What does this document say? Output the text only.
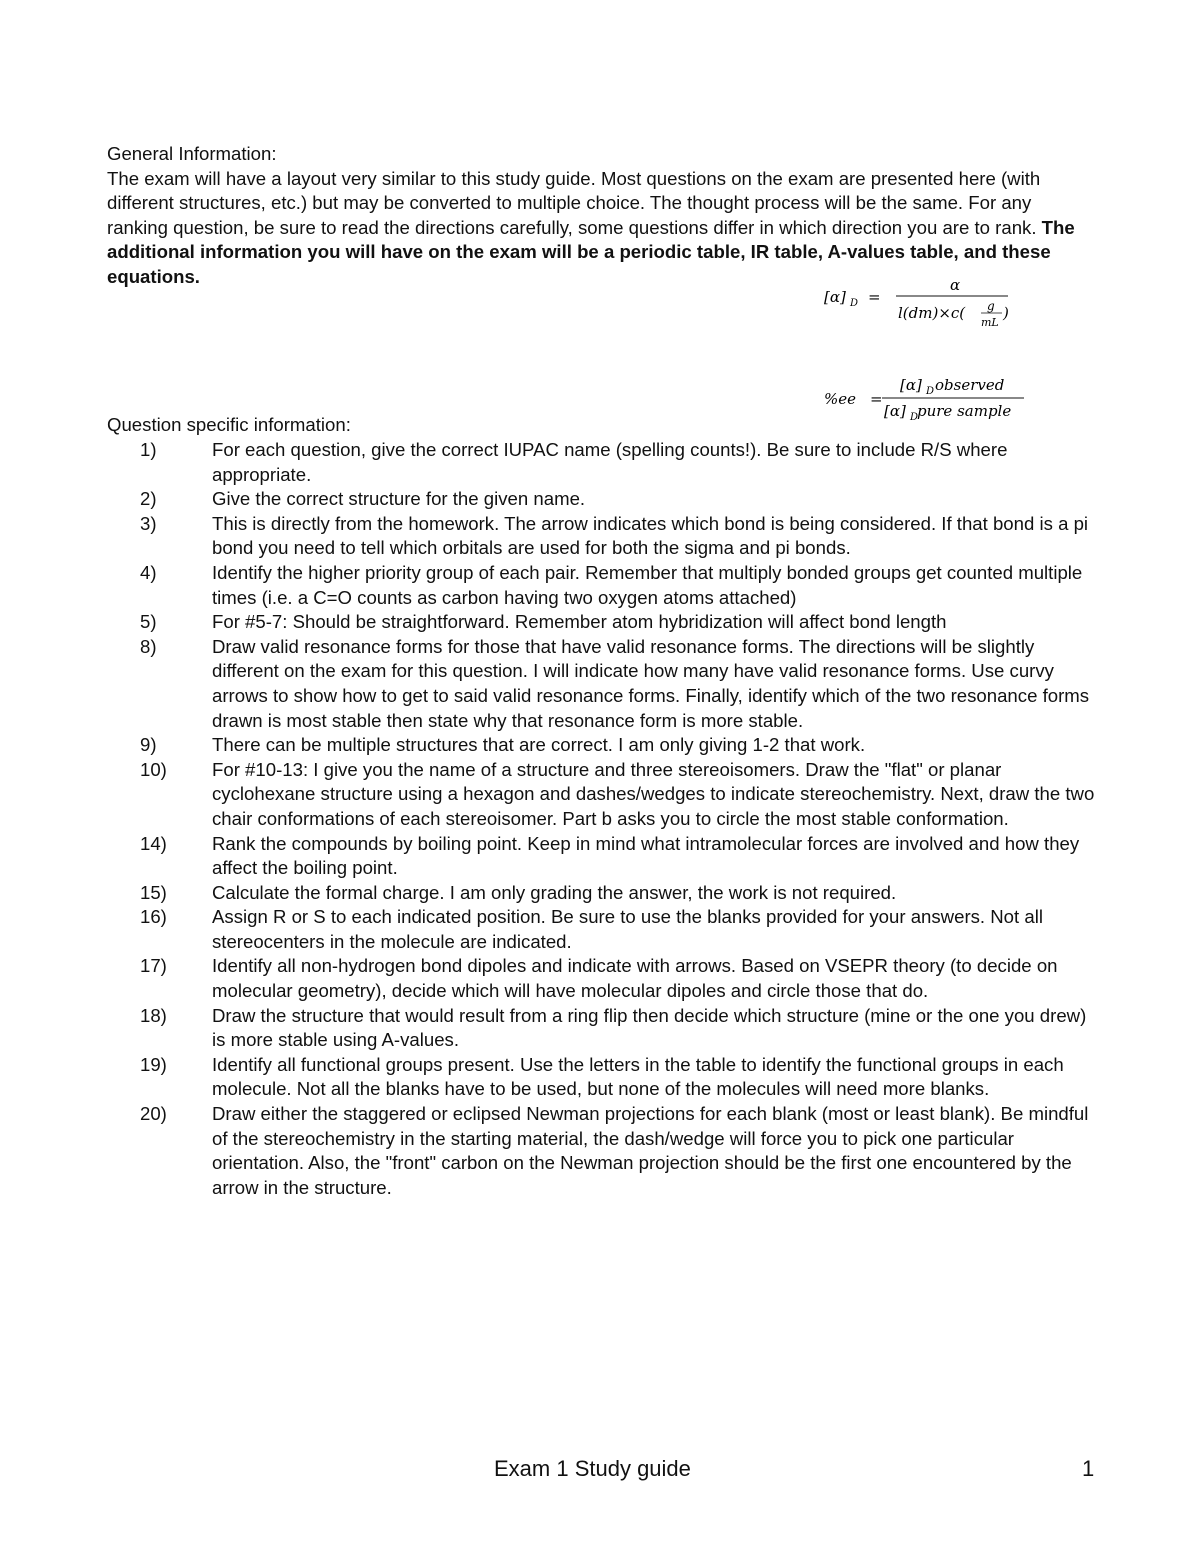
General Information:

The exam will have a layout very similar to this study guide. Most questions on the exam are presented here (with different structures, etc.) but may be converted to multiple choice. The thought process will be the same. For any ranking question, be sure to read the directions carefully, some questions differ in which direction you are to rank. The additional information you will have on the exam will be a periodic table, IR table, A-values table, and these equations.

[α] D =
α
l(dm)×c( g
mL
)
%ee =
[α] D observed
[α] D
pure sample
Question specific information:
1)	For each question, give the correct IUPAC name (spelling counts!). Be sure to include R/S where appropriate.
2)	Give the correct structure for the given name.
3)	This is directly from the homework. The arrow indicates which bond is being considered. If that bond is a pi bond you need to tell which orbitals are used for both the sigma and pi bonds.
4)	Identify the higher priority group of each pair. Remember that multiply bonded groups get counted multiple times (i.e. a C=O counts as carbon having two oxygen atoms attached)
5)	For #5-7: Should be straightforward. Remember atom hybridization will affect bond length
8)	Draw valid resonance forms for those that have valid resonance forms. The directions will be slightly different on the exam for this question. I will indicate how many have valid resonance forms. Use curvy arrows to show how to get to said valid resonance forms. Finally, identify which of the two resonance forms drawn is most stable then state why that resonance form is more stable.
9)	There can be multiple structures that are correct. I am only giving 1-2 that work.
10)	For #10-13: I give you the name of a structure and three stereoisomers. Draw the "flat" or planar cyclohexane structure using a hexagon and dashes/wedges to indicate stereochemistry. Next, draw the two chair conformations of each stereoisomer. Part b asks you to circle the most stable conformation.
14)	Rank the compounds by boiling point. Keep in mind what intramolecular forces are involved and how they affect the boiling point.
15)	Calculate the formal charge. I am only grading the answer, the work is not required.
16)	Assign R or S to each indicated position. Be sure to use the blanks provided for your answers. Not all stereocenters in the molecule are indicated.
17)	Identify all non-hydrogen bond dipoles and indicate with arrows. Based on VSEPR theory (to decide on molecular geometry), decide which will have molecular dipoles and circle those that do.
18)	Draw the structure that would result from a ring flip then decide which structure (mine or the one you drew) is more stable using A-values.
19)	Identify all functional groups present. Use the letters in the table to identify the functional groups in each molecule. Not all the blanks have to be used, but none of the molecules will need more blanks.
20)	Draw either the staggered or eclipsed Newman projections for each blank (most or least blank). Be mindful of the stereochemistry in the starting material, the dash/wedge will force you to pick one particular orientation. Also, the "front" carbon on the Newman projection should be the first one encountered by the arrow in the structure.
Exam 1 Study guide	1
